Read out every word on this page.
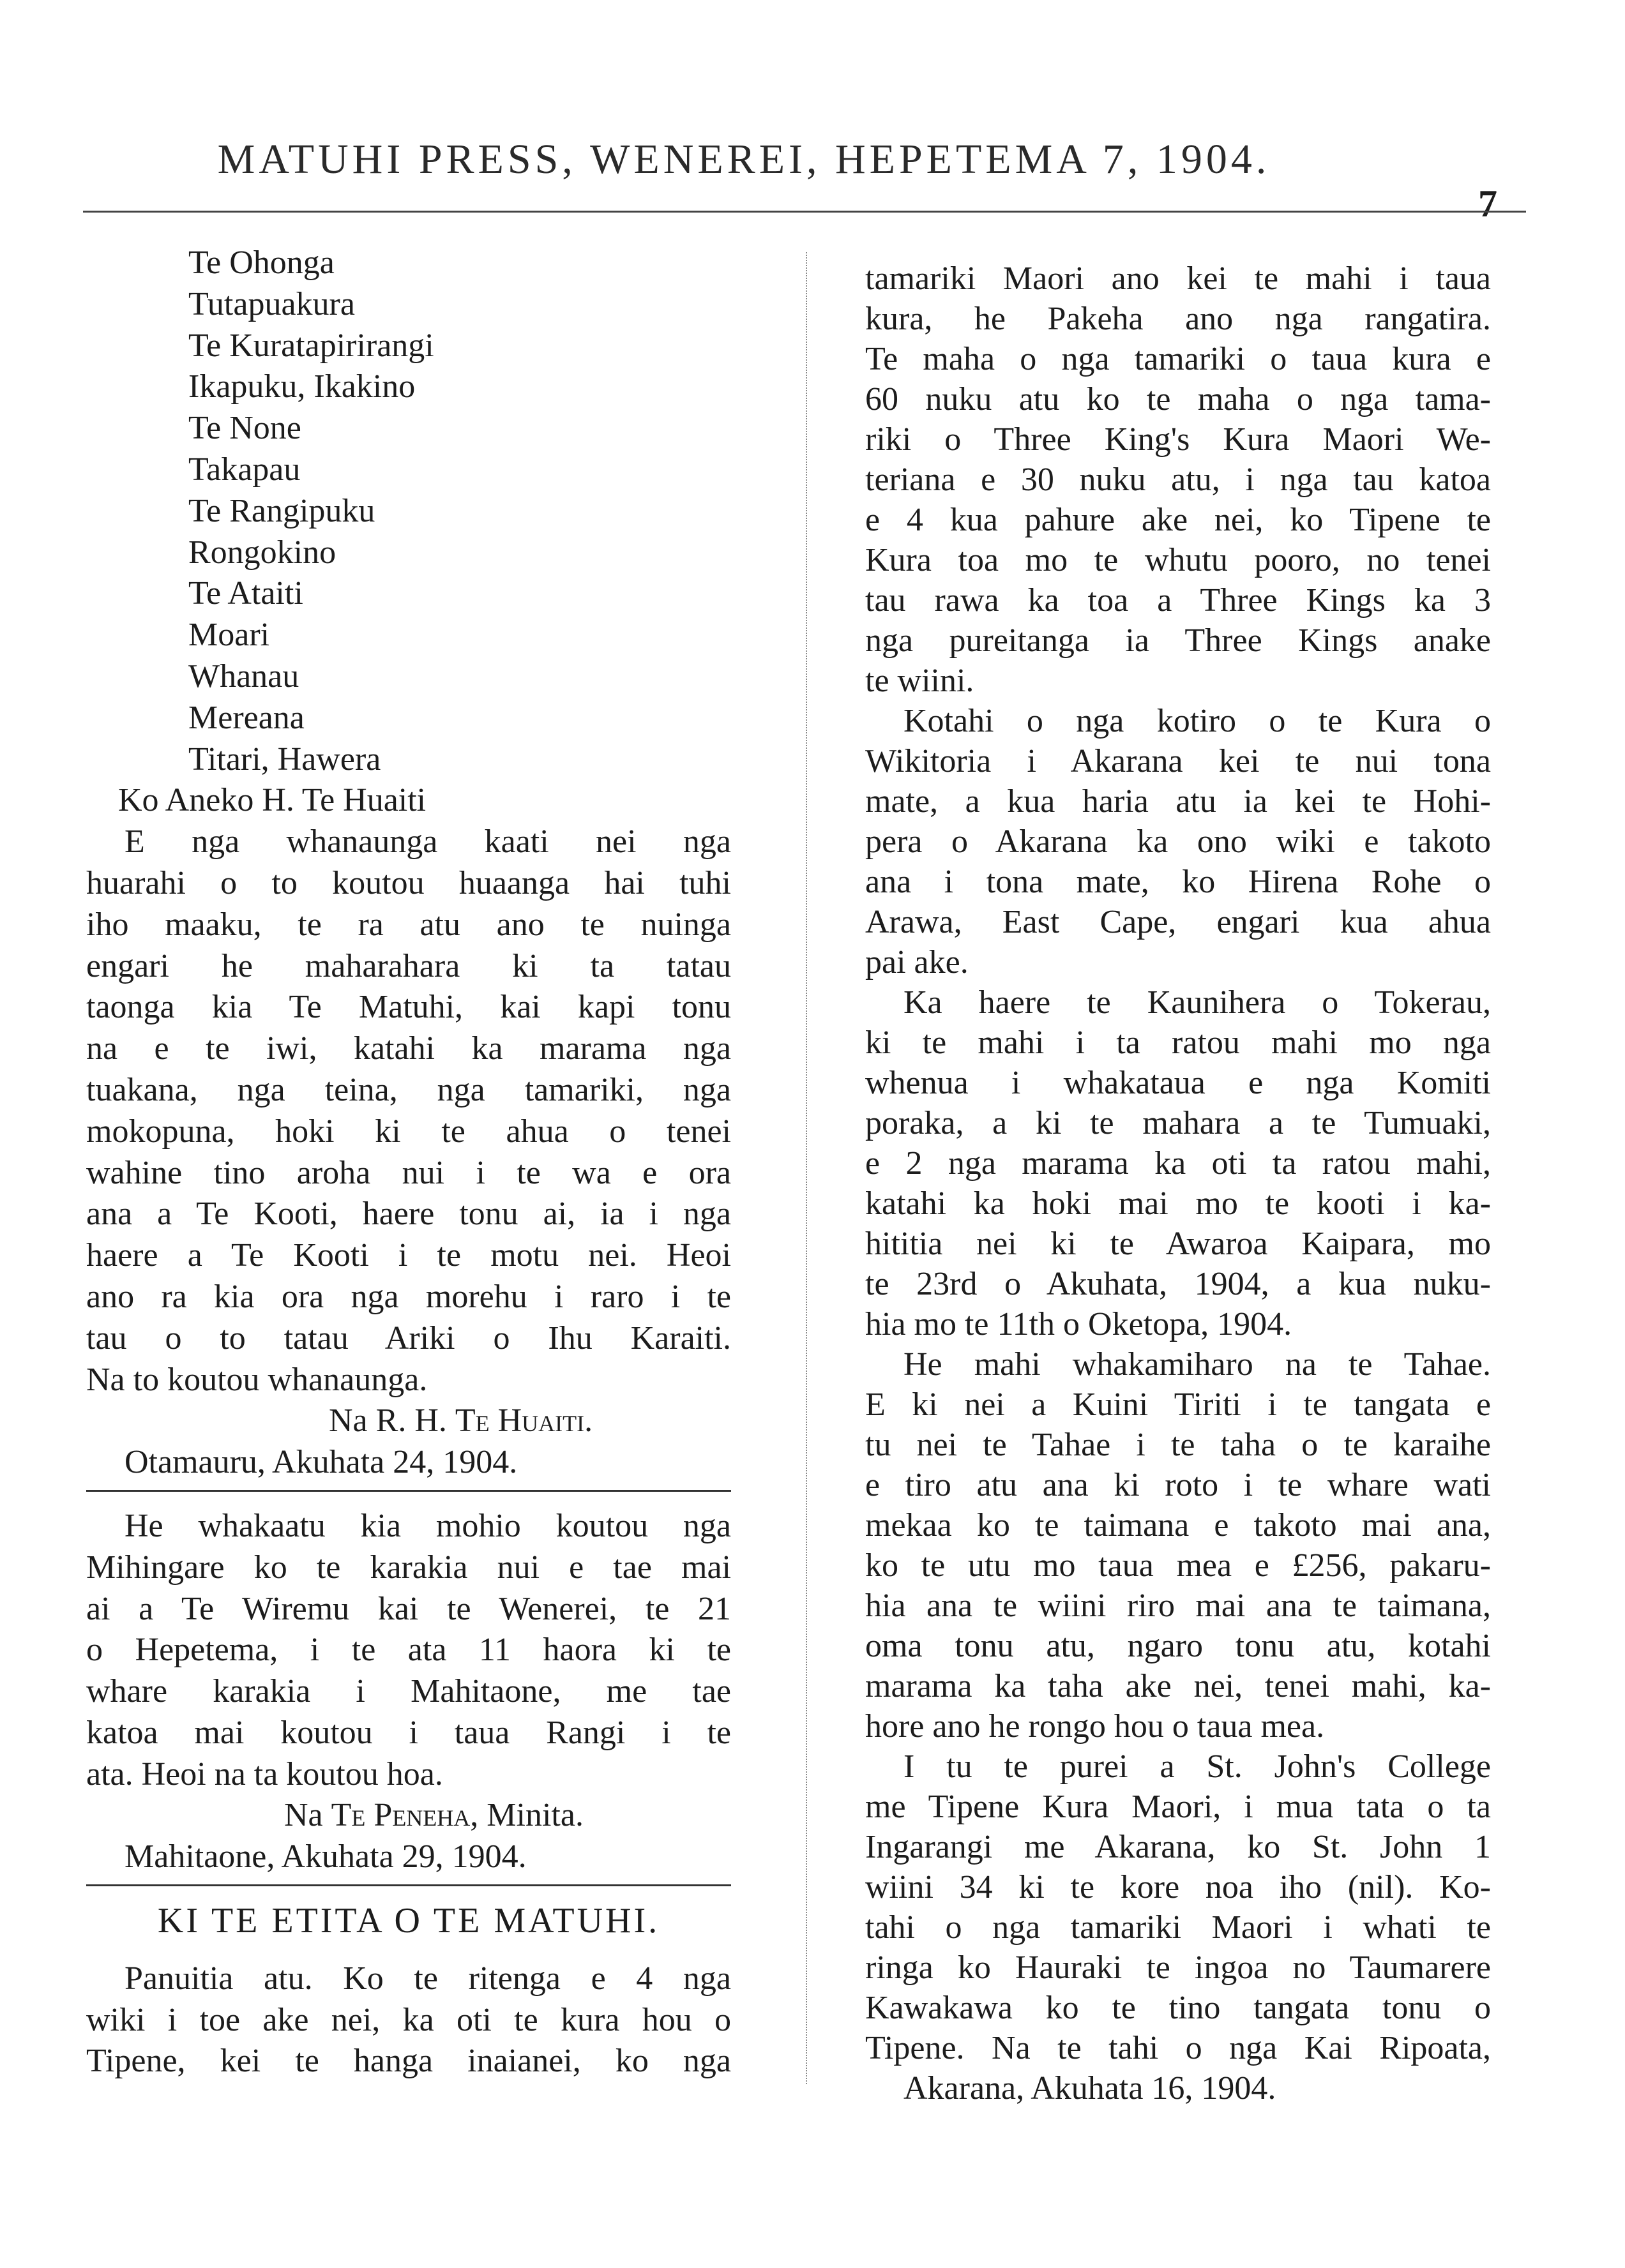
MATUHI PRESS, WENEREI, HEPETEMA 7, 1904.
7
Te Ohonga
Tutapuakura
Te Kuratapirirangi
Ikapuku, Ikakino
Te None
Takapau
Te Rangipuku
Rongokino
Te Ataiti
Moari
Whanau
Mereana
Titari, Hawera
Ko Aneko H. Te Huaiti
E nga whanaunga kaati nei nga
huarahi o to koutou huaanga hai tuhi
iho maaku, te ra atu ano te nuinga
engari he maharahara ki ta tatau
taonga kia Te Matuhi, kai kapi tonu
na e te iwi, katahi ka marama nga
tuakana, nga teina, nga tamariki, nga
mokopuna, hoki ki te ahua o tenei
wahine tino aroha nui i te wa e ora
ana a Te Kooti, haere tonu ai, ia i nga
haere a Te Kooti i te motu nei. Heoi
ano ra kia ora nga morehu i raro i te
tau o to tatau Ariki o Ihu Karaiti.
Na to koutou whanaunga.
Na R. H. Te Huaiti.
Otamauru, Akuhata 24, 1904.
He whakaatu kia mohio koutou nga
Mihingare ko te karakia nui e tae mai
ai a Te Wiremu kai te Wenerei, te 21
o Hepetema, i te ata 11 haora ki te
whare karakia i Mahitaone, me tae
katoa mai koutou i taua Rangi i te
ata. Heoi na ta koutou hoa.
Na Te Peneha, Minita.
Mahitaone, Akuhata 29, 1904.
KI TE ETITA O TE MATUHI.
Panuitia atu. Ko te ritenga e 4 nga
wiki i toe ake nei, ka oti te kura hou o
Tipene, kei te hanga inaianei, ko nga
tamariki Maori ano kei te mahi i taua
kura, he Pakeha ano nga rangatira.
Te maha o nga tamariki o taua kura e
60 nuku atu ko te maha o nga tama-
riki o Three King's Kura Maori We-
teriana e 30 nuku atu, i nga tau katoa
e 4 kua pahure ake nei, ko Tipene te
Kura toa mo te whutu pooro, no tenei
tau rawa ka toa a Three Kings ka 3
nga pureitanga ia Three Kings anake
te wiini.
Kotahi o nga kotiro o te Kura o
Wikitoria i Akarana kei te nui tona
mate, a kua haria atu ia kei te Hohi-
pera o Akarana ka ono wiki e takoto
ana i tona mate, ko Hirena Rohe o
Arawa, East Cape, engari kua ahua
pai ake.
Ka haere te Kaunihera o Tokerau,
ki te mahi i ta ratou mahi mo nga
whenua i whakataua e nga Komiti
poraka, a ki te mahara a te Tumuaki,
e 2 nga marama ka oti ta ratou mahi,
katahi ka hoki mai mo te kooti i ka-
hititia nei ki te Awaroa Kaipara, mo
te 23rd o Akuhata, 1904, a kua nuku-
hia mo te 11th o Oketopa, 1904.
He mahi whakamiharo na te Tahae.
E ki nei a Kuini Tiriti i te tangata e
tu nei te Tahae i te taha o te karaihe
e tiro atu ana ki roto i te whare wati
mekaa ko te taimana e takoto mai ana,
ko te utu mo taua mea e £256, pakaru-
hia ana te wiini riro mai ana te taimana,
oma tonu atu, ngaro tonu atu, kotahi
marama ka taha ake nei, tenei mahi, ka-
hore ano he rongo hou o taua mea.
I tu te purei a St. John's College
me Tipene Kura Maori, i mua tata o ta
Ingarangi me Akarana, ko St. John 1
wiini 34 ki te kore noa iho (nil). Ko-
tahi o nga tamariki Maori i whati te
ringa ko Hauraki te ingoa no Taumarere
Kawakawa ko te tino tangata tonu o
Tipene. Na te tahi o nga Kai Ripoata,
Akarana, Akuhata 16, 1904.
